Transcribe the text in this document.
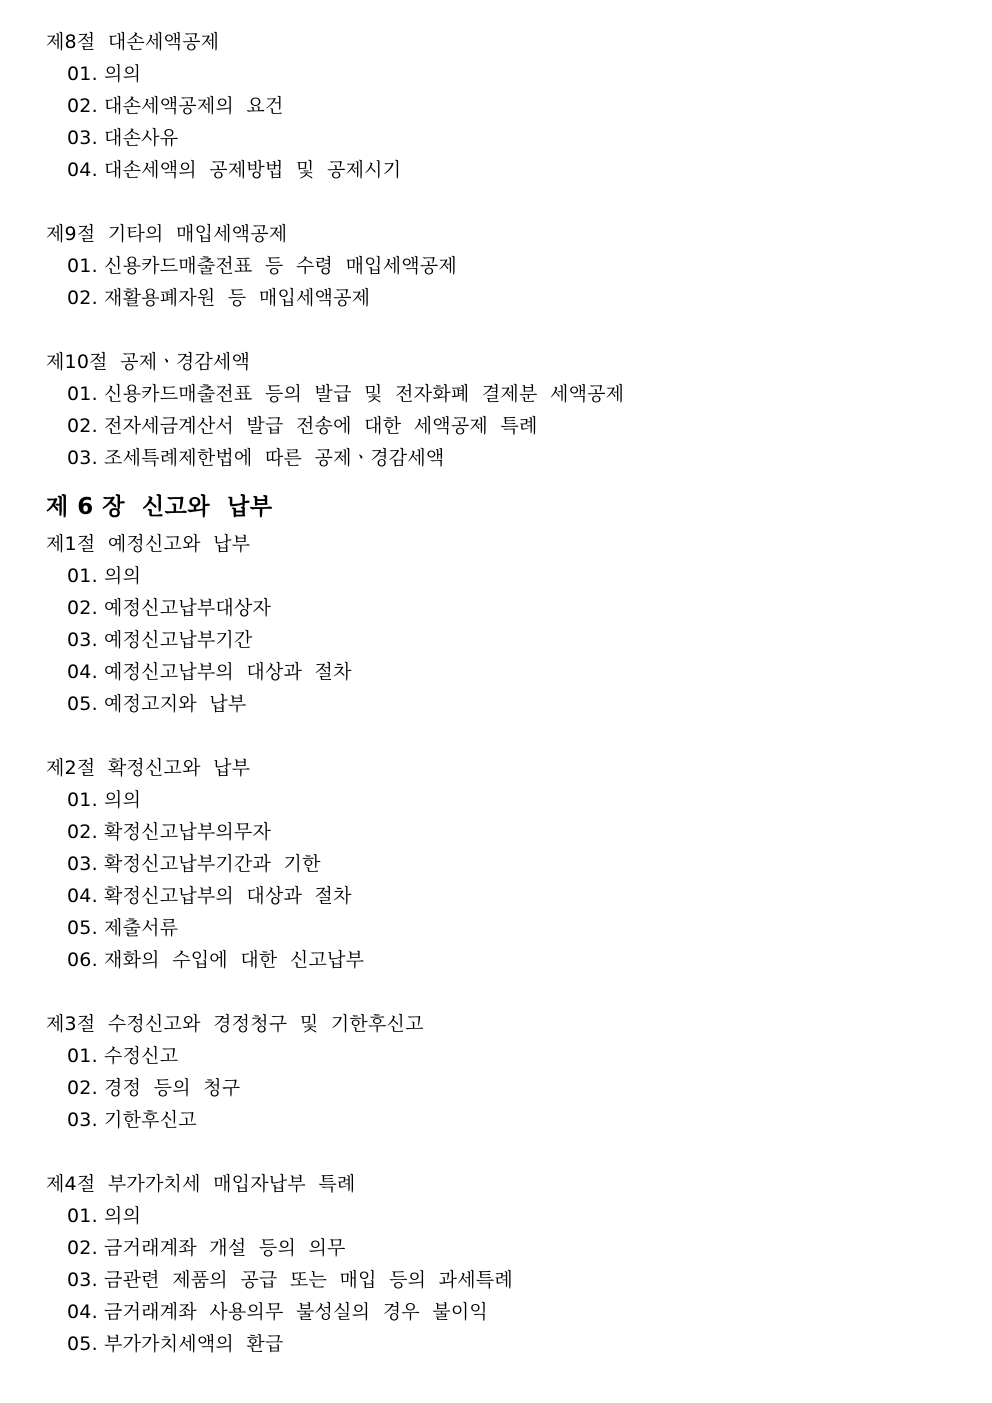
제8절  대손세액공제
01. 의의
02. 대손세액공제의  요건
03. 대손사유
04. 대손세액의  공제방법  및  공제시기
제9절  기타의  매입세액공제
01. 신용카드매출전표  등  수령  매입세액공제
02. 재활용폐자원  등  매입세액공제
제10절  공제ㆍ경감세액
01. 신용카드매출전표  등의  발급  및  전자화폐  결제분  세액공제
02. 전자세금계산서  발급  전송에  대한  세액공제  특례
03. 조세특례제한법에  따른  공제ㆍ경감세액
제 6 장  신고와  납부
제1절  예정신고와  납부
01. 의의
02. 예정신고납부대상자
03. 예정신고납부기간
04. 예정신고납부의  대상과  절차
05. 예정고지와  납부
제2절  확정신고와  납부
01. 의의
02. 확정신고납부의무자
03. 확정신고납부기간과  기한
04. 확정신고납부의  대상과  절차
05. 제출서류
06. 재화의  수입에  대한  신고납부
제3절  수정신고와  경정청구  및  기한후신고
01. 수정신고
02. 경정  등의  청구
03. 기한후신고
제4절  부가가치세  매입자납부  특례
01. 의의
02. 금거래계좌  개설  등의  의무
03. 금관련  제품의  공급  또는  매입  등의  과세특례
04. 금거래계좌  사용의무  불성실의  경우  불이익
05. 부가가치세액의  환급
